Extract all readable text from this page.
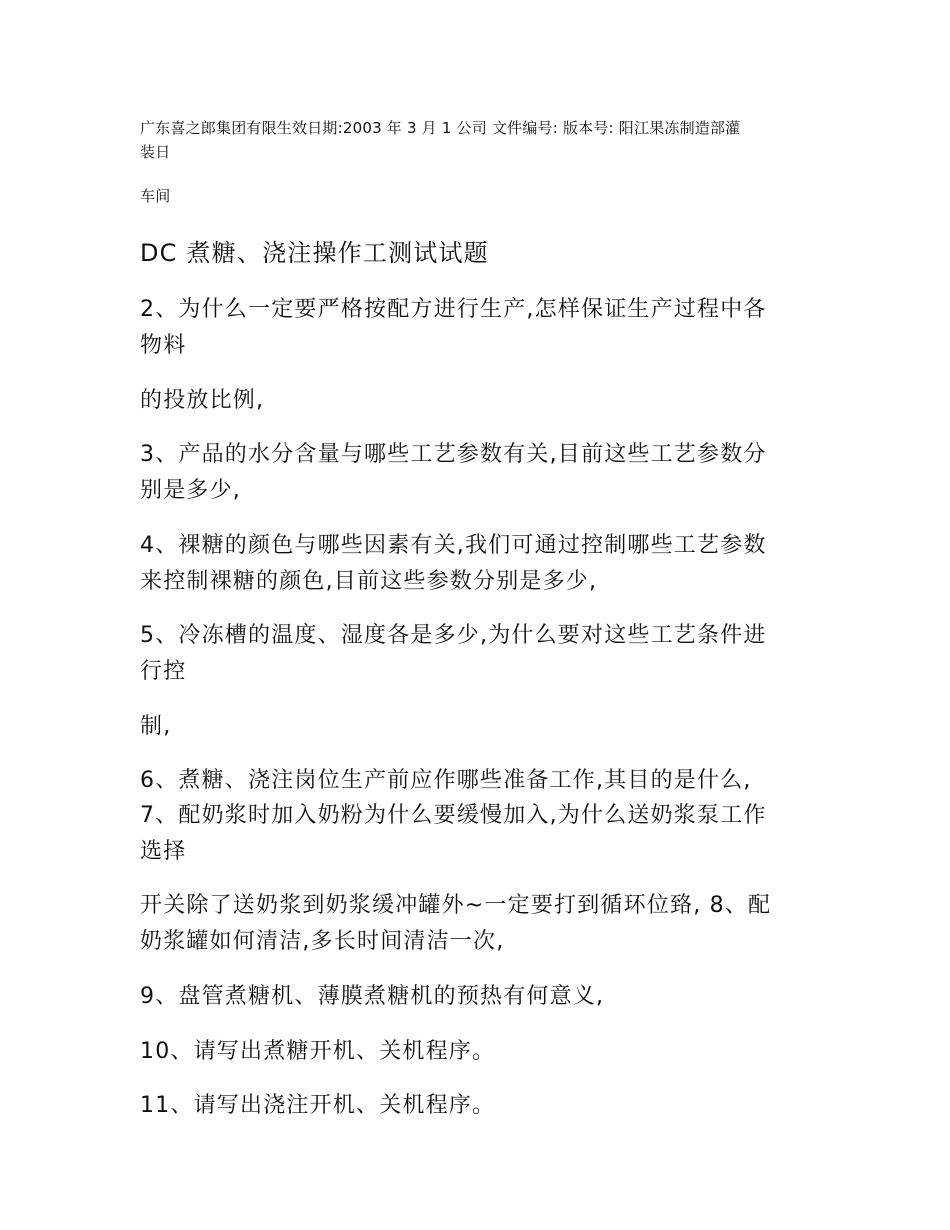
广东喜之郎集团有限生效日期:2003 年 3 月 1 公司 文件编号: 版本号: 阳江果冻制造部灌
装日
车间
DC 煮糖、浇注操作工测试试题
2、为什么一定要严格按配方进行生产,怎样保证生产过程中各
物料
的投放比例,
3、产品的水分含量与哪些工艺参数有关,目前这些工艺参数分
别是多少,
4、裸糖的颜色与哪些因素有关,我们可通过控制哪些工艺参数
来控制裸糖的颜色,目前这些参数分别是多少,
5、冷冻槽的温度、湿度各是多少,为什么要对这些工艺条件进
行控
制,
6、煮糖、浇注岗位生产前应作哪些准备工作,其目的是什么,
7、配奶浆时加入奶粉为什么要缓慢加入,为什么送奶浆泵工作
选择
开关除了送奶浆到奶浆缓冲罐外~一定要打到循环位臵, 8、配
奶浆罐如何清洁,多长时间清洁一次,
9、盘管煮糖机、薄膜煮糖机的预热有何意义,
10、请写出煮糖开机、关机程序。
11、请写出浇注开机、关机程序。
